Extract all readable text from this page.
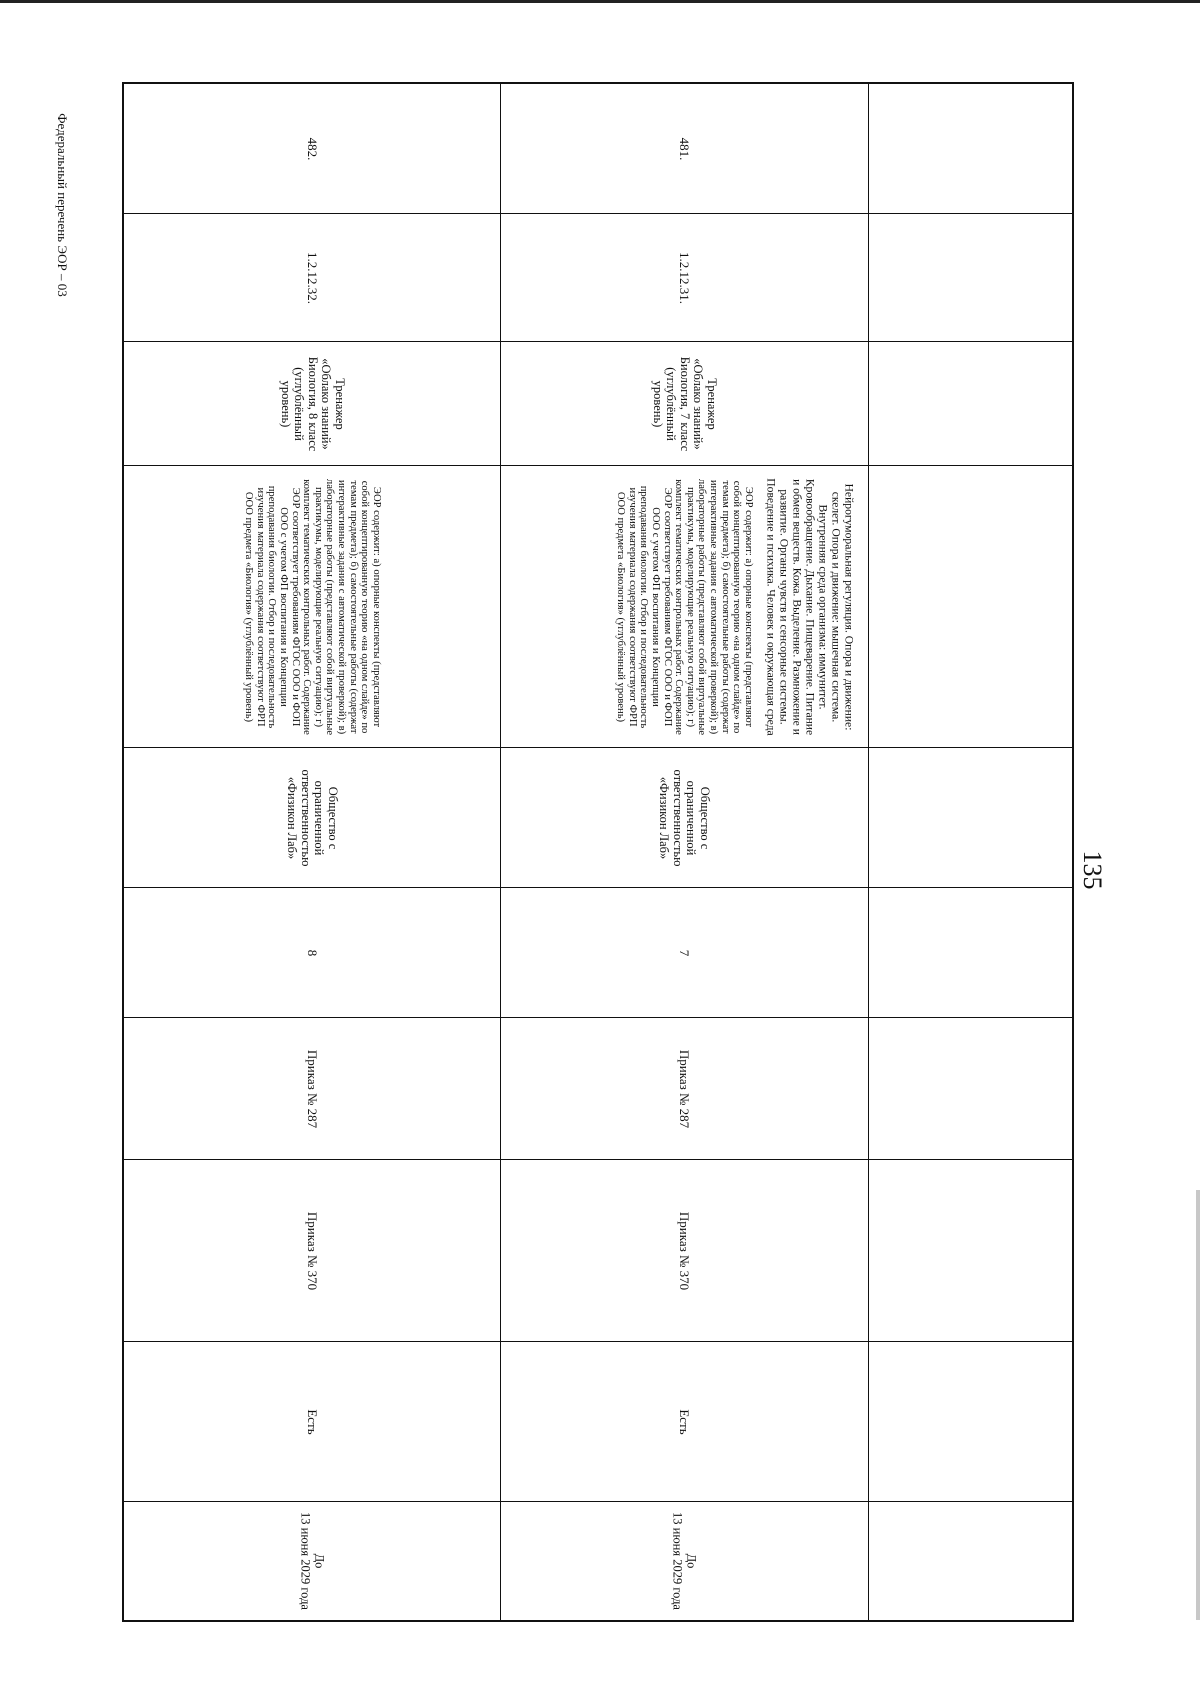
135
Федеральный перечень ЭОР – 03	482.
1.2.12.32.
Тренажер
«Облако знаний»
Биология, 8 класс
(углублённый
уровень)
ЭОР содержит: а) опорные конспекты (представляют собой концептированную теорию «на одном слайде» по темам предмета); б) самостоятельные работы (содержат интерактивные задания с автоматической проверкой); в) лабораторные работы (представляют собой виртуальные практикумы, моделирующие реальную ситуацию); г) комплект тематических контрольных работ. Содержание ЭОР соответствует требованиям ФГОС ООО и ФОП ООО с учетом ФП воспитания и Концепции преподавания биологии. Отбор и последовательность изучения материала содержания соответствуют ФРП ООО предмета «Биология» (углублённый уровень)
Общество с
ограниченной
ответственностью
«Физикон Лаб»
8
Приказ № 287
Приказ № 370
Есть
До
13 июня 2029 года
481.
1.2.12.31.
Тренажер
«Облако знаний»
Биология, 7 класс
(углублённый
уровень)
ЭОР содержит: а) опорные конспекты (представляют собой концептированную теорию «на одном слайде» по темам предмета); б) самостоятельные работы (содержат интерактивные задания с автоматической проверкой); в) лабораторные работы (представляют собой виртуальные практикумы, моделирующие реальную ситуацию); г) комплект тематических контрольных работ. Содержание ЭОР соответствует требованиям ФГОС ООО и ФОП ООО с учетом ФП воспитания и Концепции преподавания биологии. Отбор и последовательность изучения материала содержания соответствуют ФРП ООО предмета «Биология» (углублённый уровень)
Общество с
ограниченной
ответственностью
«Физикон Лаб»
7
Приказ № 287
Приказ № 370
Есть
До
13 июня 2029 года
Нейрогуморальная регуляция. Опора и движение: скелет. Опора и движение: мышечная система. Внутренняя среда организма: иммунитет. Кровообращение. Дыхание. Пищеварение. Питание и обмен веществ. Кожа. Выделение. Размножение и развитие. Органы чувств и сенсорные системы. Поведение и психика. Человек и окружающая среда
